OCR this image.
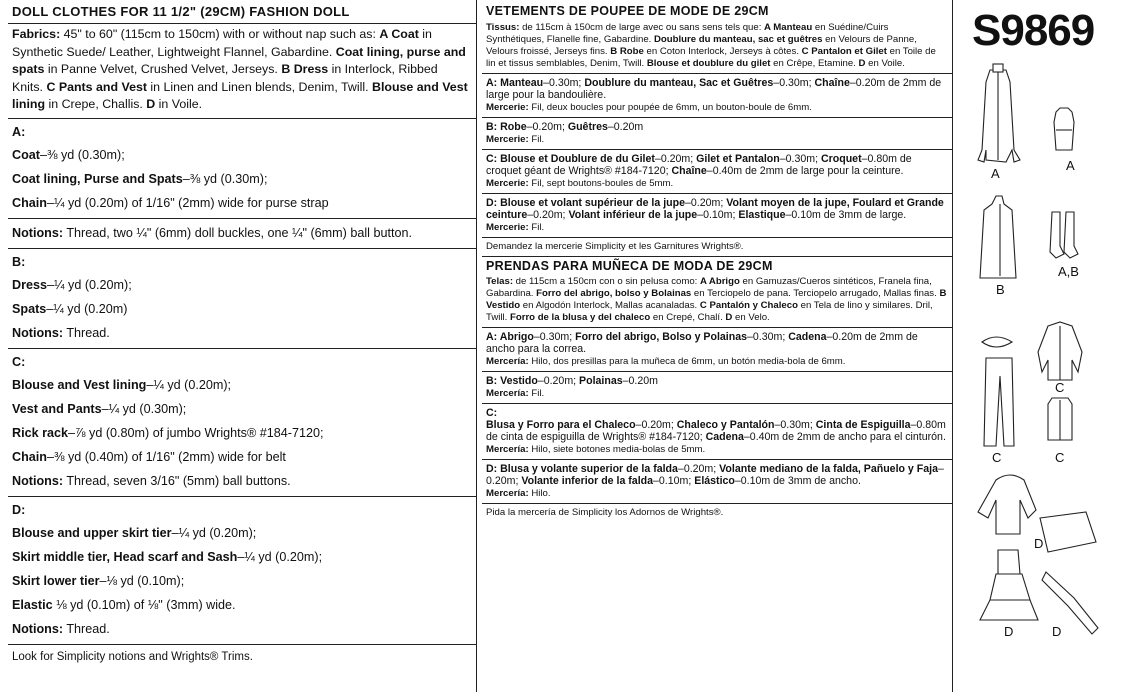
DOLL CLOTHES FOR 11 1/2" (29CM) FASHION DOLL
Fabrics: 45" to 60" (115cm to 150cm) with or without nap such as: A Coat in Synthetic Suede/ Leather, Lightweight Flannel, Gabardine. Coat lining, purse and spats in Panne Velvet, Crushed Velvet, Jerseys. B Dress in Interlock, Ribbed Knits. C Pants and Vest in Linen and Linen blends, Denim, Twill. Blouse and Vest lining in Crepe, Challis. D in Voile.
A:
Coat–⅜ yd (0.30m);
Coat lining, Purse and Spats–⅜ yd (0.30m);
Chain–¼ yd (0.20m) of 1/16" (2mm) wide for purse strap
Notions: Thread, two ¼" (6mm) doll buckles, one ¼" (6mm) ball button.
B:
Dress–¼ yd (0.20m);
Spats–¼ yd (0.20m)
Notions: Thread.
C:
Blouse and Vest lining–¼ yd (0.20m);
Vest and Pants–¼ yd (0.30m);
Rick rack–⅞ yd (0.80m) of jumbo Wrights® #184-7120;
Chain–⅜ yd (0.40m) of 1/16" (2mm) wide for belt
Notions: Thread, seven 3/16" (5mm) ball buttons.
D:
Blouse and upper skirt tier–¼ yd (0.20m);
Skirt middle tier, Head scarf and Sash–¼ yd (0.20m);
Skirt lower tier–⅛ yd (0.10m);
Elastic ⅛ yd (0.10m) of ⅛" (3mm) wide.
Notions: Thread.
Look for Simplicity notions and Wrights® Trims.
VETEMENTS DE POUPEE DE MODE DE 29CM
Tissus: de 115cm à 150cm de large avec ou sans sens tels que: A Manteau en Suédine/Cuirs Synthétiques, Flanelle fine, Gabardine. Doublure du manteau, sac et guêtres en Velours de Panne, Velours froissé, Jerseys fins. B Robe en Coton Interlock, Jerseys à côtes. C Pantalon et Gilet en Toile de lin et tissus semblables, Denim, Twill. Blouse et doublure du gilet en Crêpe, Etamine. D en Voile.
A: Manteau–0.30m; Doublure du manteau, Sac et Guêtres–0.30m; Chaîne–0.20m de 2mm de large pour la bandoulière.
Mercerie: Fil, deux boucles pour poupée de 6mm, un bouton-boule de 6mm.
B: Robe–0.20m; Guêtres–0.20m
Mercerie: Fil.
C: Blouse et Doublure de du Gilet–0.20m; Gilet et Pantalon–0.30m; Croquet–0.80m de croquet géant de Wrights® #184-7120; Chaîne–0.40m de 2mm de large pour la ceinture.
Mercerie: Fil, sept boutons-boules de 5mm.
D: Blouse et volant supérieur de la jupe–0.20m; Volant moyen de la jupe, Foulard et Grande ceinture–0.20m; Volant inférieur de la jupe–0.10m; Elastique–0.10m de 3mm de large.
Mercerie: Fil.
Demandez la mercerie Simplicity et les Garnitures Wrights®.
PRENDAS PARA MUÑECA DE MODA DE 29CM
Telas: de 115cm a 150cm con o sin pelusa como: A Abrigo en Gamuzas/Cueros sintéticos, Franela fina, Gabardina. Forro del abrigo, bolso y Bolainas en Terciopelo de pana. Terciopelo arrugado, Mallas finas. B Vestido en Algodón Interlock, Mallas acanaladas. C Pantalón y Chaleco en Tela de lino y similares. Dril, Twill. Forro de la blusa y del chaleco en Crepé, Chalí. D en Velo.
A: Abrigo–0.30m; Forro del abrigo, Bolso y Polainas–0.30m; Cadena–0.20m de 2mm de ancho para la correa.
Mercería: Hilo, dos presillas para la muñeca de 6mm, un botón media-bola de 6mm.
B: Vestido–0.20m; Polainas–0.20m
Mercería: Fil.
C:
Blusa y Forro para el Chaleco–0.20m; Chaleco y Pantalón–0.30m; Cinta de Espiguilla–0.80m de cinta de espiguilla de Wrights® #184-7120; Cadena–0.40m de 2mm de ancho para el cinturón.
Mercería: Hilo, siete botones media-bolas de 5mm.
D: Blusa y volante superior de la falda–0.20m; Volante mediano de la falda, Pañuelo y Faja–0.20m; Volante inferior de la falda–0.10m; Elástico–0.10m de 3mm de ancho.
Mercería: Hilo.
Pida la mercería de Simplicity los Adornos de Wrights®.
S9869
A
A
B
A,B
C
C	C
D
D	D
